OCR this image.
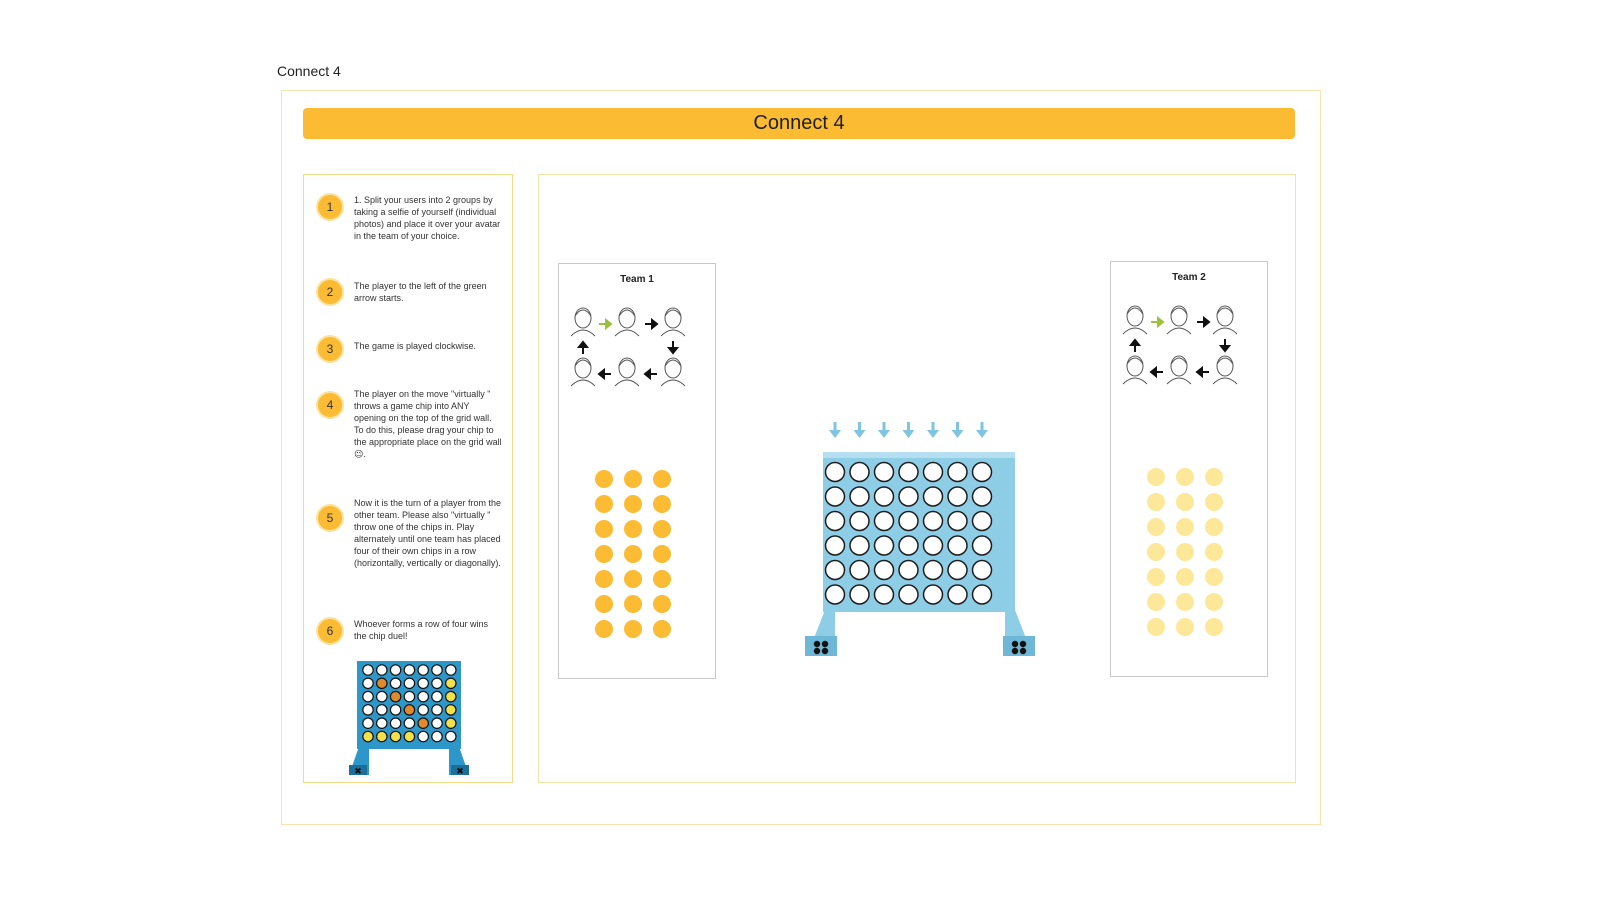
Connect 4
Connect 4
1	1. Split your users into 2 groups by taking a selfie of yourself (individual photos) and place it over your avatar in the team of your choice.
2	The player to the left of the green arrow starts.
3	The game is played clockwise.
4
The player on the move "virtually " throws a game chip into ANY opening on the top of the grid wall. To do this, please drag your chip to the appropriate place on the grid wall 😉.
5
Now it is the turn of a player from the other team. Please also "virtually " throw one of the chips in. Play alternately until one team has placed four of their own chips in a row (horizontally, vertically or diagonally).
6	Whoever forms a row of four wins the chip duel!
✖	✖
Team 1	Team 2
